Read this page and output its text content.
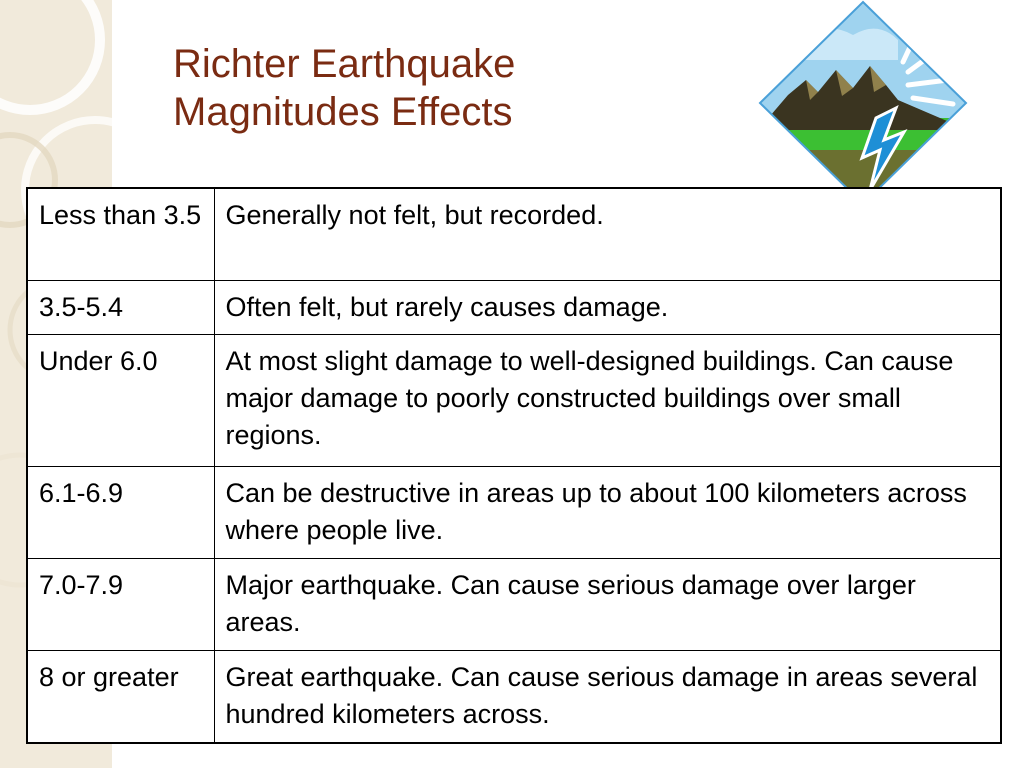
Richter Earthquake
Magnitudes Effects
Less than 3.5	Generally not felt, but recorded.
3.5-5.4	Often felt, but rarely causes damage.
Under 6.0	At most slight damage to well-designed buildings. Can cause major damage to poorly constructed buildings over small regions.
6.1-6.9	Can be destructive in areas up to about 100 kilometers across where people live.
7.0-7.9	Major earthquake. Can cause serious damage over larger areas.
8 or greater	Great earthquake. Can cause serious damage in areas several hundred kilometers across.
